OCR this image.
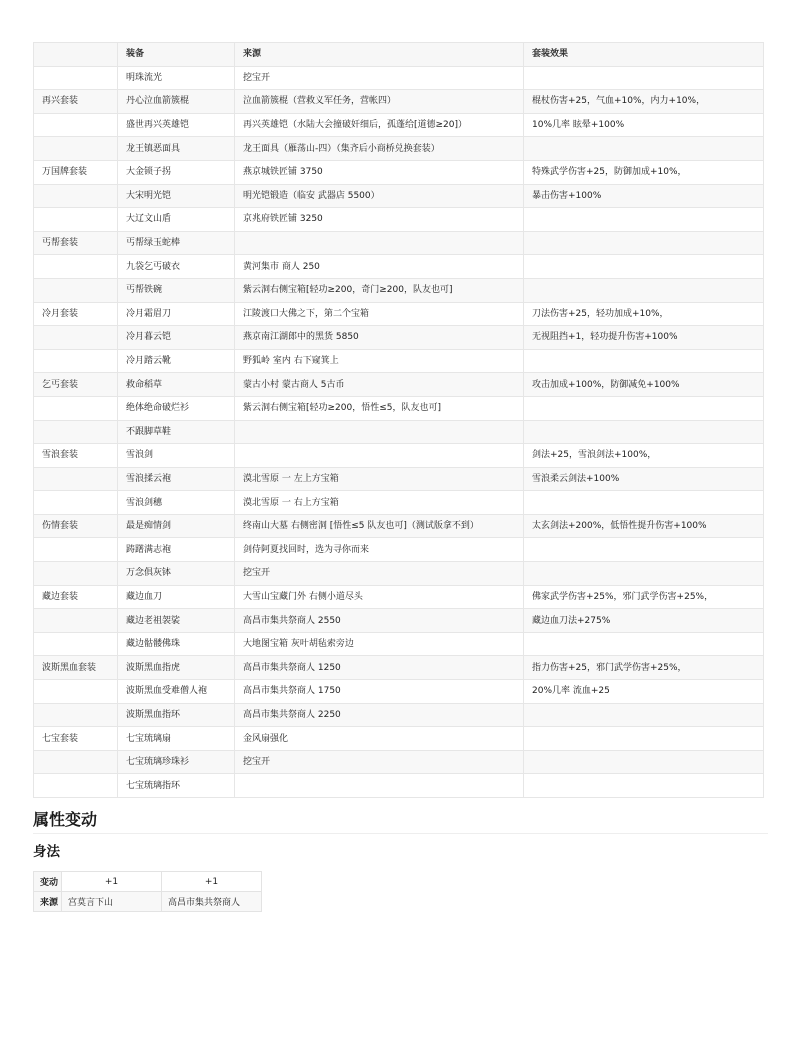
	装备	来源	套装效果
	明珠流光	挖宝开	
再兴套装	丹心泣血箭簇棍	泣血箭簇棍（营救义军任务，营帐四）	棍杖伤害+25，气血+10%，内力+10%，
	盛世再兴英雄铠	再兴英雄铠（水陆大会撞破奸细后，孤蓬给[道德≥20]）	10%几率 眩晕+100%
	龙王镇恶面具	龙王面具（雁荡山-四）（集齐后小商桥兑换套装）	
万国牌套装	大金锁子拐	燕京城铁匠铺 3750	特殊武学伤害+25，防御加成+10%，
	大宋明光铠	明光铠锻造（临安 武器店 5500）	暴击伤害+100%
	大辽文山盾	京兆府铁匠铺 3250	
丐帮套装	丐帮绿玉蛇棒		
	九袋乞丐破衣	黄河集市 商人 250	
	丐帮铁碗	紫云洞右侧宝箱[轻功≥200，奇门≥200，队友也可]	
冷月套装	冷月霜眉刀	江陵渡口大佛之下，第二个宝箱	刀法伤害+25，轻功加成+10%，
	冷月暮云铠	燕京南江湖郎中的黑货 5850	无视阻挡+1，轻功提升伤害+100%
	冷月踏云靴	野狐岭 室内 右下窥箕上	
乞丐套装	救命稻草	蒙古小村 蒙古商人 5古币	攻击加成+100%，防御减免+100%
	绝体绝命破烂衫	紫云洞右侧宝箱[轻功≥200，悟性≤5，队友也可]	
	不跟脚草鞋		
雪浪套装	雪浪剑		剑法+25，雪浪剑法+100%，
	雪浪揉云袍	漠北雪原 一 左上方宝箱	雪浪柔云剑法+100%
	雪浪剑穗	漠北雪原 一 右上方宝箱	
伤情套装	最是痴情剑	终南山大墓 右侧密洞 [悟性≤5 队友也可]（测试版拿不到）	太玄剑法+200%，低悟性提升伤害+100%
	踌躇满志袍	剑侍阿夏找回时，选为寻你而来	
	万念俱灰钵	挖宝开	
藏边套装	藏边血刀	大雪山宝藏门外 右侧小道尽头	佛家武学伤害+25%，邪门武学伤害+25%，
	藏边老祖袈裟	高昌市集共祭商人 2550	藏边血刀法+275%
	藏边骷髅佛珠	大地图宝箱 灰叶胡毡索旁边	
波斯黑血套装	波斯黑血指虎	高昌市集共祭商人 1250	指力伤害+25，邪门武学伤害+25%，
	波斯黑血受难僧人袍	高昌市集共祭商人 1750	20%几率 流血+25
	波斯黑血指环	高昌市集共祭商人 2250	
七宝套装	七宝琉璃扇	金风扇强化	
	七宝琉璃珍珠衫	挖宝开	
	七宝琉璃指环		
属性变动
身法
变动	+1	+1
来源	宫莫言下山	高昌市集共祭商人
